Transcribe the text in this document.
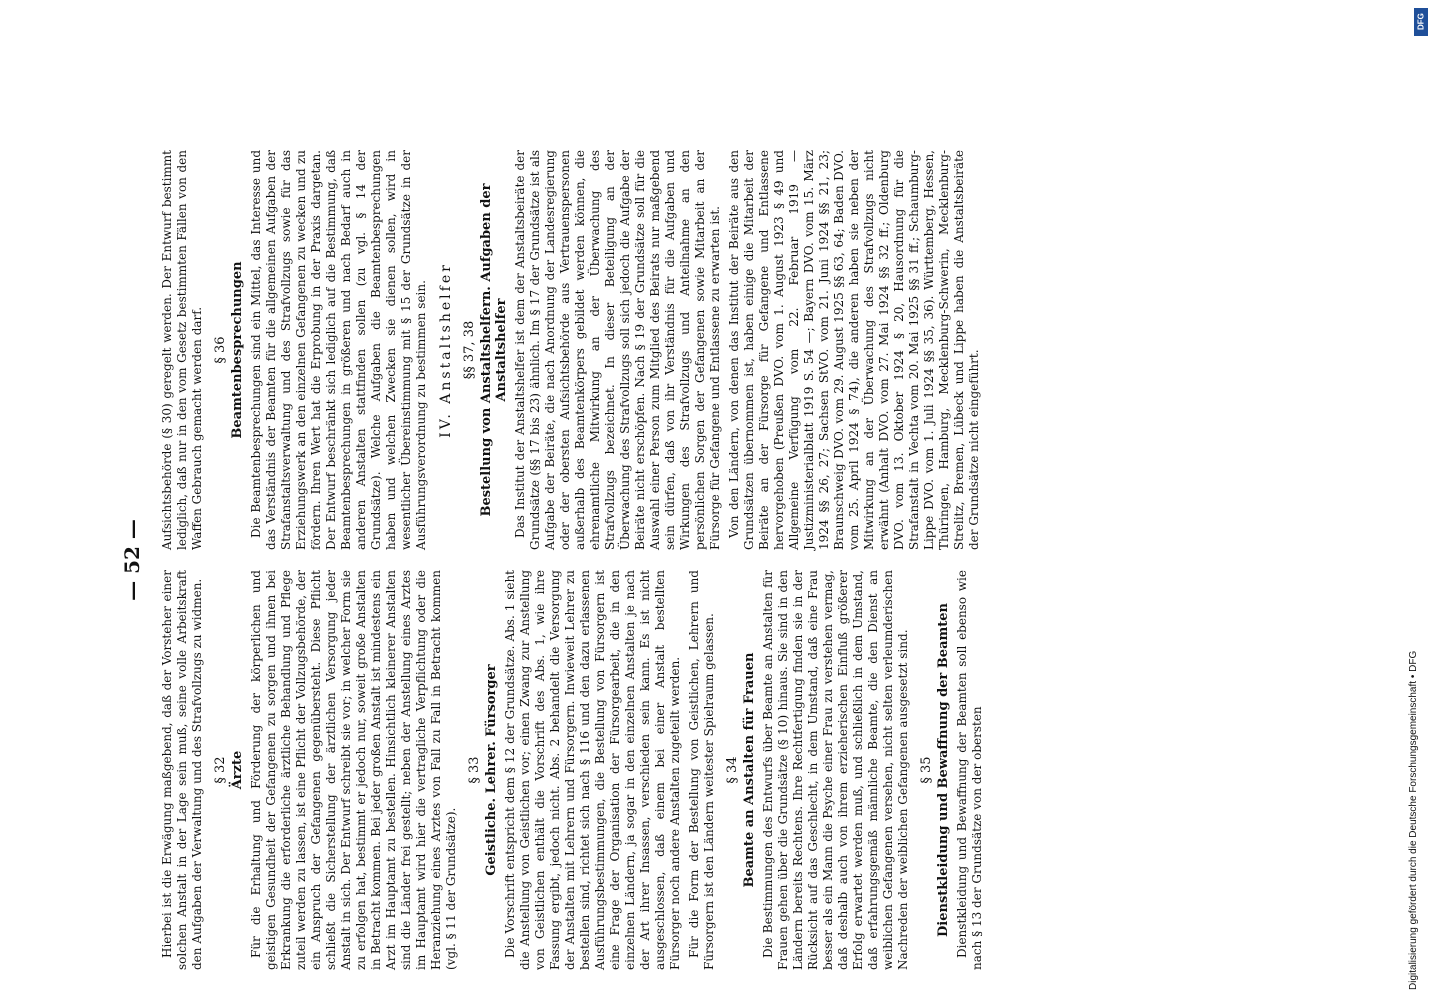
— 52 —

Hierbei ist die Erwägung maßgebend, daß der Vorsteher einer solchen Anstalt in der Lage sein muß, seine volle Arbeitskraft den Aufgaben der Verwaltung und des Strafvollzugs zu widmen. § 32 Ärzte Für die Erhaltung und Förderung der körperlichen und geistigen Gesundheit der Gefangenen zu sorgen und ihnen bei Erkrankung die erforderliche ärztliche Behandlung und Pflege zuteil werden zu lassen, ist eine Pflicht der Vollzugsbehörde, der ein Anspruch der Gefangenen gegenübersteht. Diese Pflicht schließt die Sicherstellung der ärztlichen Versorgung jeder Anstalt in sich. Der Entwurf schreibt sie vor; in welcher Form sie zu erfolgen hat, bestimmt er jedoch nur, soweit große Anstalten in Betracht kommen. Bei jeder großen Anstalt ist mindestens ein Arzt im Hauptamt zu bestellen. Hinsichtlich kleinerer Anstalten sind die Länder frei gestellt; neben der Anstellung eines Arztes im Hauptamt wird hier die vertragliche Verpflichtung oder die Heranziehung eines Arztes von Fall zu Fall in Betracht kommen (vgl. § 11 der Grundsätze).

§ 33 Geistliche. Lehrer. Fürsorger Die Vorschrift entspricht dem § 12 der Grundsätze. Abs. 1 sieht die Anstellung von Geistlichen vor; einen Zwang zur Anstellung von Geistlichen enthält die Vorschrift des Abs. 1, wie ihre Fassung ergibt, jedoch nicht. Abs. 2 behandelt die Versorgung der Anstalten mit Lehrern und Fürsorgern. Inwieweit Lehrer zu bestellen sind, richtet sich nach § 116 und den dazu erlassenen Ausführungsbestimmungen, die Bestellung von Fürsorgern ist eine Frage der Organisation der Fürsorgearbeit, die in den einzelnen Ländern, ja sogar in den einzelnen Anstalten je nach der Art ihrer Insassen, verschieden sein kann. Es ist nicht ausgeschlossen, daß einem bei einer Anstalt bestellten Fürsorger noch andere Anstalten zugeteilt werden. Für die Form der Bestellung von Geistlichen, Lehrern und Fürsorgern ist den Ländern weitester Spielraum gelassen. § 34 Beamte an Anstalten für Frauen Die Bestimmungen des Entwurfs über Beamte an Anstalten für Frauen gehen über die Grundsätze (§ 10) hinaus. Sie sind in den Ländern bereits Rechtens. Ihre Rechtfertigung finden sie in der Rücksicht auf das Geschlecht, in dem Umstand, daß eine Frau besser als ein Mann die Psyche einer Frau zu verstehen vermag, daß deshalb auch von ihrem erzieherischen Einfluß größerer Erfolg erwartet werden muß, und schließlich in dem Umstand, daß erfahrungsgemäß männliche Beamte, die den Dienst an weiblichen Gefangenen versehen, nicht selten verleumderischen Nachreden der weiblichen Gefangenen ausgesetzt sind. § 35 Dienstkleidung und Bewaffnung der Beamten Dienstkleidung und Bewaffnung der Beamten soll ebenso wie nach § 13 der Grundsätze von der obersten

Aufsichtsbehörde (§ 30) geregelt werden. Der Entwurf bestimmt lediglich, daß nur in den vom Gesetz bestimmten Fällen von den Waffen Gebrauch gemacht werden darf. § 36 Beamtenbesprechungen Die Beamtenbesprechungen sind ein Mittel, das Interesse und das Verständnis der Beamten für die allgemeinen Aufgaben der Strafanstaltsverwaltung und des Strafvollzugs sowie für das Erziehungswerk an den einzelnen Gefangenen zu wecken und zu fördern. Ihren Wert hat die Erprobung in der Praxis dargetan. Der Entwurf beschränkt sich lediglich auf die Bestimmung, daß Beamtenbesprechungen in größeren und nach Bedarf auch in anderen Anstalten stattfinden sollen (zu vgl. § 14 der Grundsätze). Welche Aufgaben die Beamtenbesprechungen haben und welchen Zwecken sie dienen sollen, wird in wesentlicher Übereinstimmung mit § 15 der Grundsätze in der Ausführungsverordnung zu bestimmen sein. IV. Anstaltshelfer §§ 37, 38 Bestellung von Anstaltshelfern. Aufgaben der Anstaltshelfer Das Institut der Anstaltshelfer ist dem der Anstaltsbeiräte der Grundsätze (§§ 17 bis 23) ähnlich. Im § 17 der Grundsätze ist als Aufgabe der Beiräte, die nach Anordnung der Landesregierung oder der obersten Aufsichtsbehörde aus Vertrauenspersonen außerhalb des Beamtenkörpers gebildet werden können, die ehrenamtliche Mitwirkung an der Überwachung des Strafvollzugs bezeichnet. In dieser Beteiligung an der Überwachung des Strafvollzugs soll sich jedoch die Aufgabe der Beiräte nicht erschöpfen. Nach § 19 der Grundsätze soll für die Auswahl einer Person zum Mitglied des Beirats nur maßgebend sein dürfen, daß von ihr Verständnis für die Aufgaben und Wirkungen des Strafvollzugs und Anteilnahme an den persönlichen Sorgen der Gefangenen sowie Mitarbeit an der Fürsorge für Gefangene und Entlassene zu erwarten ist. Von den Ländern, von denen das Institut der Beiräte aus den Grundsätzen übernommen ist, haben einige die Mitarbeit der Beiräte an der Fürsorge für Gefangene und Entlassene hervorgehoben (Preußen DVO. vom 1. August 1923 § 49 und Allgemeine Verfügung vom 22. Februar 1919 — Justizministerialblatt 1919 S. 54 —; Bayern DVO. vom 15. März 1924 §§ 26, 27; Sachsen StVO. vom 21. Juni 1924 §§ 21, 23; Braunschweig DVO. vom 29. August 1925 §§ 63, 64; Baden DVO. vom 25. April 1924 § 74), die anderen haben sie neben der Mitwirkung an der Überwachung des Strafvollzugs nicht erwähnt (Anhalt DVO. vom 27. Mai 1924 §§ 32 ff.; Oldenburg DVO. vom 13. Oktober 1924 § 20, Hausordnung für die Strafanstalt in Vechta vom 20. Mai 1925 §§ 31 ff.; Schaumburg-Lippe DVO. vom 1. Juli 1924 §§ 35, 36). Württemberg, Hessen, Thüringen, Hamburg, Mecklenburg-Schwerin, Mecklenburg-Strelitz, Bremen, Lübeck und Lippe haben die Anstaltsbeiräte der Grundsätze nicht eingeführt.

Digitalisierung gefördert durch die Deutsche Forschungsgemeinschaft • DFG
DFG
